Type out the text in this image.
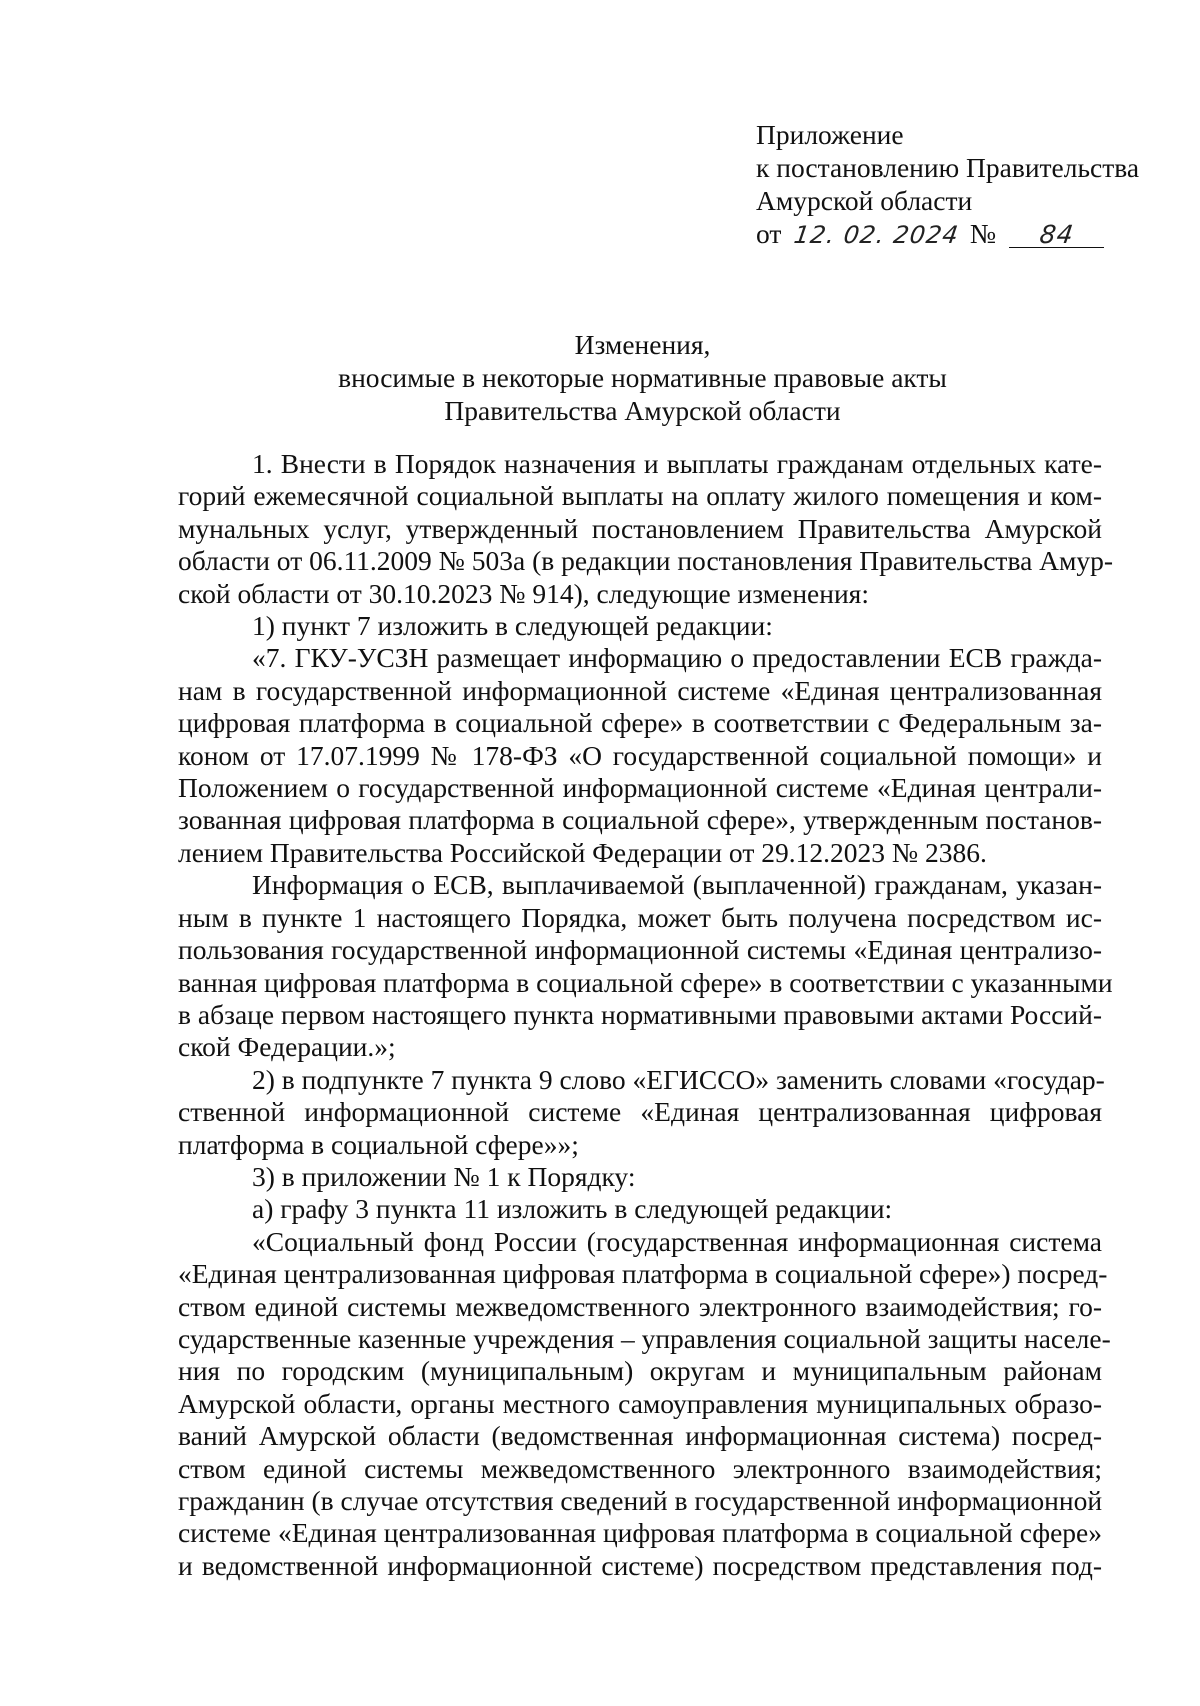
Приложение
к постановлению Правительства
Амурской области
от 12. 02. 2024 № 84
Изменения,
вносимые в некоторые нормативные правовые акты
Правительства Амурской области

1. Внести в Порядок назначения и выплаты гражданам отдельных кате-

горий ежемесячной социальной выплаты на оплату жилого помещения и ком-

мунальных услуг, утвержденный постановлением Правительства Амурской

области от 06.11.2009 № 503а (в редакции постановления Правительства Амур-

ской области от 30.10.2023 № 914), следующие изменения:

1) пункт 7 изложить в следующей редакции:

«7. ГКУ-УСЗН размещает информацию о предоставлении ЕСВ гражда-

нам в государственной информационной системе «Единая централизованная

цифровая платформа в социальной сфере» в соответствии с Федеральным за-

коном от 17.07.1999 № 178-ФЗ «О государственной социальной помощи» и

Положением о государственной информационной системе «Единая централи-

зованная цифровая платформа в социальной сфере», утвержденным постанов-

лением Правительства Российской Федерации от 29.12.2023 № 2386.

Информация о ЕСВ, выплачиваемой (выплаченной) гражданам, указан-

ным в пункте 1 настоящего Порядка, может быть получена посредством ис-

пользования государственной информационной системы «Единая централизо-

ванная цифровая платформа в социальной сфере» в соответствии с указанными

в абзаце первом настоящего пункта нормативными правовыми актами Россий-

ской Федерации.»;

2) в подпункте 7 пункта 9 слово «ЕГИССО» заменить словами «государ-

ственной информационной системе «Единая централизованная цифровая

платформа в социальной сфере»»;

3) в приложении № 1 к Порядку:

а) графу 3 пункта 11 изложить в следующей редакции:

«Социальный фонд России (государственная информационная система

«Единая централизованная цифровая платформа в социальной сфере») посред-

ством единой системы межведомственного электронного взаимодействия; го-

сударственные казенные учреждения – управления социальной защиты населе-

ния по городским (муниципальным) округам и муниципальным районам

Амурской области, органы местного самоуправления муниципальных образо-

ваний Амурской области (ведомственная информационная система) посред-

ством единой системы межведомственного электронного взаимодействия;

гражданин (в случае отсутствия сведений в государственной информационной

системе «Единая централизованная цифровая платформа в социальной сфере»

и ведомственной информационной системе) посредством представления под-
